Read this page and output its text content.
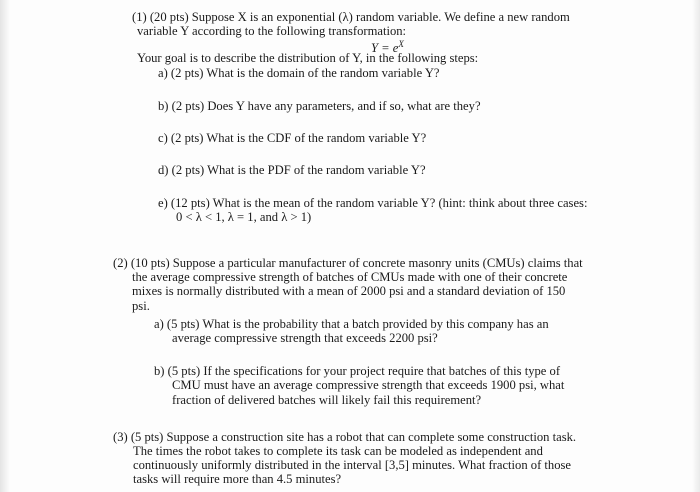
(1) (20 pts) Suppose X is an exponential (λ) random variable. We define a new random
variable Y according to the following transformation:
$Y = e^X$
Your goal is to describe the distribution of Y, in the following steps:
a) (2 pts) What is the domain of the random variable Y?
b) (2 pts) Does Y have any parameters, and if so, what are they?
c) (2 pts) What is the CDF of the random variable Y?
d) (2 pts) What is the PDF of the random variable Y?
e) (12 pts) What is the mean of the random variable Y? (hint: think about three cases:
0 < λ < 1, λ = 1, and λ > 1)
(2) (10 pts) Suppose a particular manufacturer of concrete masonry units (CMUs) claims that
the average compressive strength of batches of CMUs made with one of their concrete
mixes is normally distributed with a mean of 2000 psi and a standard deviation of 150
psi.
a) (5 pts) What is the probability that a batch provided by this company has an
average compressive strength that exceeds 2200 psi?
b) (5 pts) If the specifications for your project require that batches of this type of
CMU must have an average compressive strength that exceeds 1900 psi, what
fraction of delivered batches will likely fail this requirement?
(3) (5 pts) Suppose a construction site has a robot that can complete some construction task.
The times the robot takes to complete its task can be modeled as independent and
continuously uniformly distributed in the interval [3,5] minutes. What fraction of those
tasks will require more than 4.5 minutes?
